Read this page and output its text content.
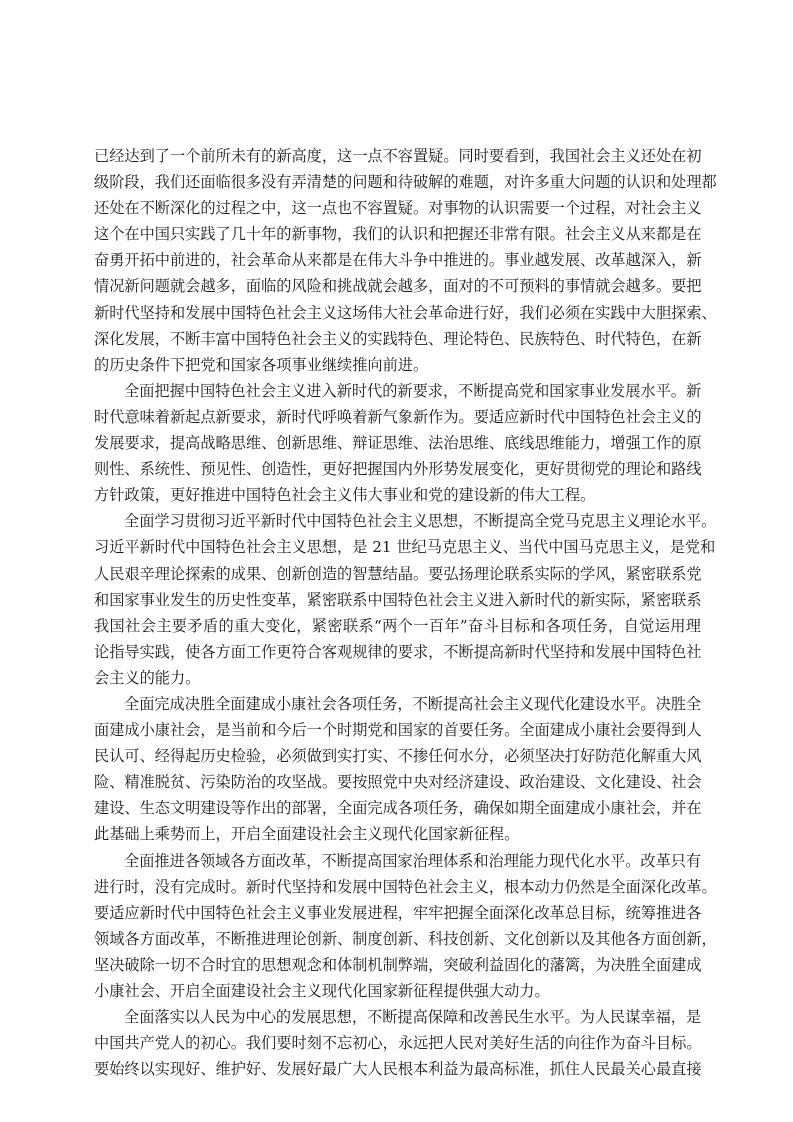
已经达到了一个前所未有的新高度，这一点不容置疑。同时要看到，我国社会主义还处在初
级阶段，我们还面临很多没有弄清楚的问题和待破解的难题，对许多重大问题的认识和处理都
还处在不断深化的过程之中，这一点也不容置疑。对事物的认识需要一个过程，对社会主义
这个在中国只实践了几十年的新事物，我们的认识和把握还非常有限。社会主义从来都是在
奋勇开拓中前进的，社会革命从来都是在伟大斗争中推进的。事业越发展、改革越深入，新
情况新问题就会越多，面临的风险和挑战就会越多，面对的不可预料的事情就会越多。要把
新时代坚持和发展中国特色社会主义这场伟大社会革命进行好，我们必须在实践中大胆探索、
深化发展，不断丰富中国特色社会主义的实践特色、理论特色、民族特色、时代特色，在新
的历史条件下把党和国家各项事业继续推向前进。
全面把握中国特色社会主义进入新时代的新要求，不断提高党和国家事业发展水平。新
时代意味着新起点新要求，新时代呼唤着新气象新作为。要适应新时代中国特色社会主义的
发展要求，提高战略思维、创新思维、辩证思维、法治思维、底线思维能力，增强工作的原
则性、系统性、预见性、创造性，更好把握国内外形势发展变化，更好贯彻党的理论和路线
方针政策，更好推进中国特色社会主义伟大事业和党的建设新的伟大工程。
全面学习贯彻习近平新时代中国特色社会主义思想，不断提高全党马克思主义理论水平。
习近平新时代中国特色社会主义思想，是 21 世纪马克思主义、当代中国马克思主义，是党和
人民艰辛理论探索的成果、创新创造的智慧结晶。要弘扬理论联系实际的学风，紧密联系党
和国家事业发生的历史性变革，紧密联系中国特色社会主义进入新时代的新实际，紧密联系
我国社会主要矛盾的重大变化，紧密联系“两个一百年”奋斗目标和各项任务，自觉运用理
论指导实践，使各方面工作更符合客观规律的要求，不断提高新时代坚持和发展中国特色社
会主义的能力。
全面完成决胜全面建成小康社会各项任务，不断提高社会主义现代化建设水平。决胜全
面建成小康社会，是当前和今后一个时期党和国家的首要任务。全面建成小康社会要得到人
民认可、经得起历史检验，必须做到实打实、不掺任何水分，必须坚决打好防范化解重大风
险、精准脱贫、污染防治的攻坚战。要按照党中央对经济建设、政治建设、文化建设、社会
建设、生态文明建设等作出的部署，全面完成各项任务，确保如期全面建成小康社会，并在
此基础上乘势而上，开启全面建设社会主义现代化国家新征程。
全面推进各领域各方面改革，不断提高国家治理体系和治理能力现代化水平。改革只有
进行时，没有完成时。新时代坚持和发展中国特色社会主义，根本动力仍然是全面深化改革。
要适应新时代中国特色社会主义事业发展进程，牢牢把握全面深化改革总目标，统筹推进各
领域各方面改革，不断推进理论创新、制度创新、科技创新、文化创新以及其他各方面创新，
坚决破除一切不合时宜的思想观念和体制机制弊端，突破利益固化的藩篱，为决胜全面建成
小康社会、开启全面建设社会主义现代化国家新征程提供强大动力。
全面落实以人民为中心的发展思想，不断提高保障和改善民生水平。为人民谋幸福，是
中国共产党人的初心。我们要时刻不忘初心，永远把人民对美好生活的向往作为奋斗目标。
要始终以实现好、维护好、发展好最广大人民根本利益为最高标准，抓住人民最关心最直接
